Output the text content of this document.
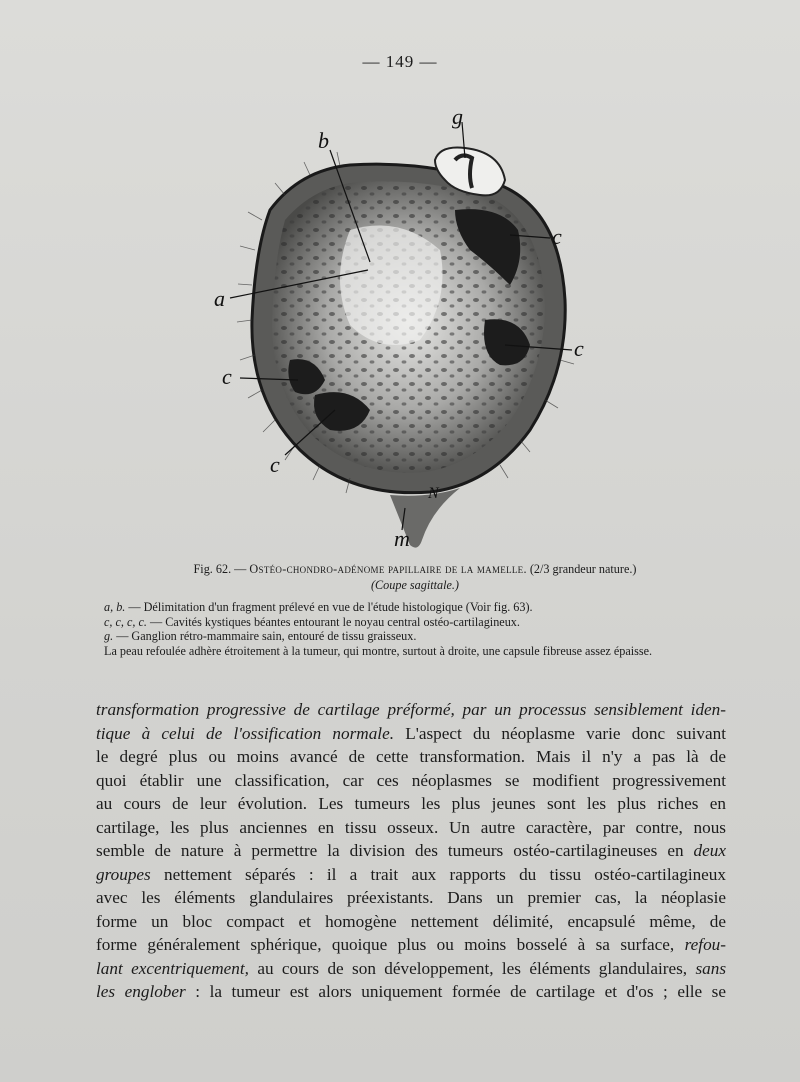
— 149 —
b
a
g
c
c
c
c
N
m
Fig. 62. — Ostéo-chondro-adénome papillaire de la mamelle. (2/3 grandeur nature.)
(Coupe sagittale.)
a, b. — Délimitation d'un fragment prélevé en vue de l'étude histologique (Voir fig. 63).
c, c, c, c. — Cavités kystiques béantes entourant le noyau central ostéo-cartilagineux.
g. — Ganglion rétro-mammaire sain, entouré de tissu graisseux.
La peau refoulée adhère étroitement à la tumeur, qui montre, surtout à droite, une capsule fibreuse assez épaisse.
transformation progressive de cartilage préformé, par un processus sensiblement iden-
tique à celui de l'ossification normale. L'aspect du néoplasme varie donc suivant
le degré plus ou moins avancé de cette transformation. Mais il n'y a pas là de
quoi établir une classification, car ces néoplasmes se modifient progressivement
au cours de leur évolution. Les tumeurs les plus jeunes sont les plus riches en
cartilage, les plus anciennes en tissu osseux. Un autre caractère, par contre, nous
semble de nature à permettre la division des tumeurs ostéo-cartilagineuses en deux
groupes nettement séparés : il a trait aux rapports du tissu ostéo-cartilagineux
avec les éléments glandulaires préexistants. Dans un premier cas, la néoplasie
forme un bloc compact et homogène nettement délimité, encapsulé même, de
forme généralement sphérique, quoique plus ou moins bosselé à sa surface, refou-
lant excentriquement, au cours de son développement, les éléments glandulaires, sans
les englober : la tumeur est alors uniquement formée de cartilage et d'os ; elle se
